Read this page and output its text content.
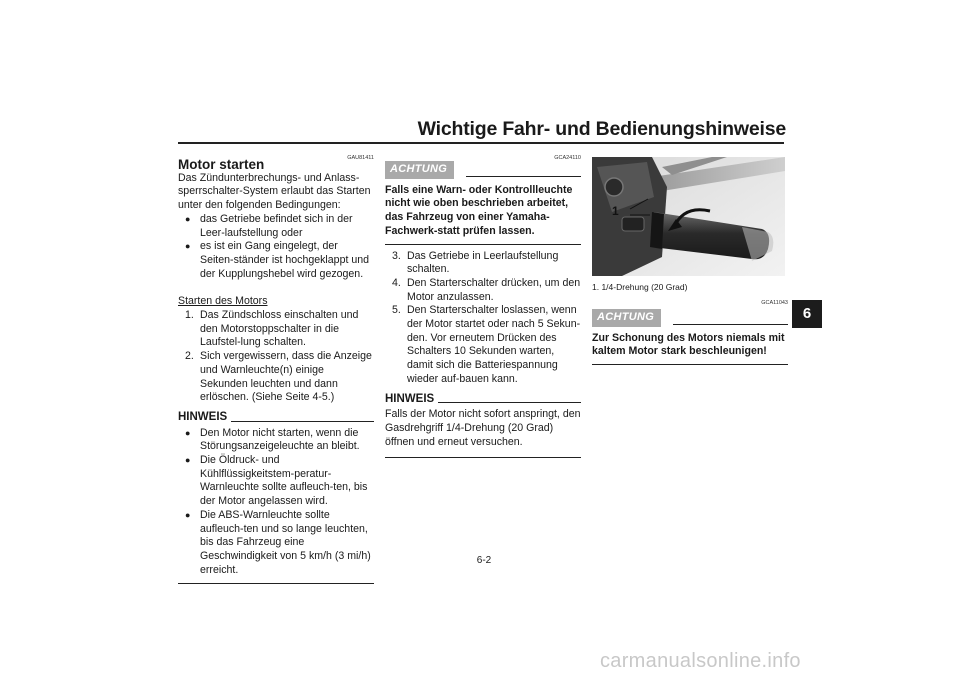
Wichtige Fahr- und Bedienungshinweise
6
GAU81411
Motor starten

Das Zündunterbrechungs- und Anlass-sperrschalter-System erlaubt das Starten unter den folgenden Bedingungen:

● das Getriebe befindet sich in der Leer-laufstellung oder
● es ist ein Gang eingelegt, der Seiten-ständer ist hochgeklappt und der Kupplungshebel wird gezogen.

Starten des Motors

1. Das Zündschloss einschalten und den Motorstoppschalter in die Laufstel-lung schalten.
2. Sich vergewissern, dass die Anzeige und Warnleuchte(n) einige Sekunden leuchten und dann erlöschen. (Siehe Seite 4-5.)
HINWEIS
● Den Motor nicht starten, wenn die Störungsanzeigeleuchte an bleibt.
● Die Öldruck- und Kühlflüssigkeitstem-peratur-Warnleuchte sollte aufleuch-ten, bis der Motor angelassen wird.
● Die ABS-Warnleuchte sollte aufleuch-ten und so lange leuchten, bis das Fahrzeug eine Geschwindigkeit von 5 km/h (3 mi/h) erreicht.
GCA24110
ACHTUNG

Falls eine Warn- oder Kontrollleuchte nicht wie oben beschrieben arbeitet, das Fahrzeug von einer Yamaha-Fachwerk-statt prüfen lassen.

3. Das Getriebe in Leerlaufstellung schalten.
4. Den Starterschalter drücken, um den Motor anzulassen.
5. Den Starterschalter loslassen, wenn der Motor startet oder nach 5 Sekun-den. Vor erneutem Drücken des Schalters 10 Sekunden warten, damit sich die Batteriespannung wieder auf-bauen kann.
HINWEIS

Falls der Motor nicht sofort anspringt, den Gasdrehgriff 1/4-Drehung (20 Grad) öffnen und erneut versuchen.

1
1. 1/4-Drehung (20 Grad)
GCA11043
ACHTUNG

Zur Schonung des Motors niemals mit kaltem Motor stark beschleunigen!

6-2
carmanualsonline.info
